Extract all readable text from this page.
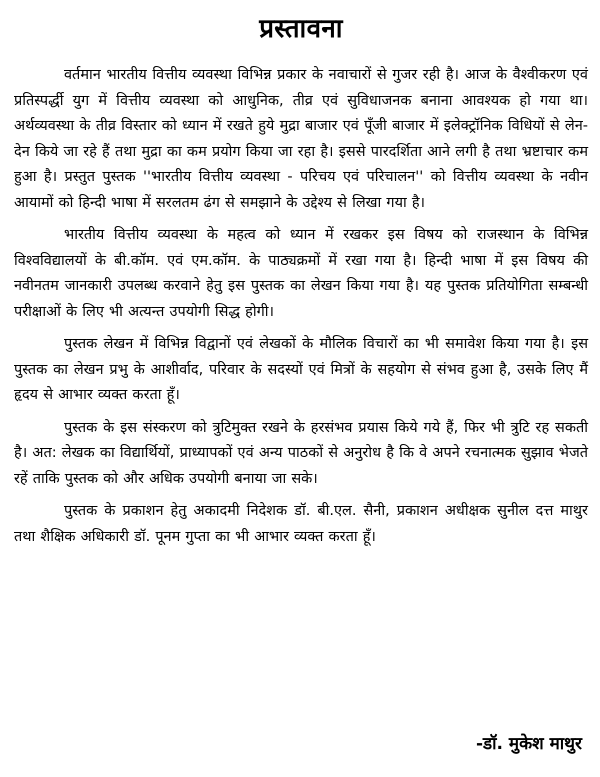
प्रस्तावना

वर्तमान भारतीय वित्तीय व्यवस्था विभिन्न प्रकार के नवाचारों से गुजर रही है। आज के वैश्वीकरण एवं प्रतिस्पर्द्धी युग में वित्तीय व्यवस्था को आधुनिक, तीव्र एवं सुविधाजनक बनाना आवश्यक हो गया था। अर्थव्यवस्था के तीव्र विस्तार को ध्यान में रखते हुये मुद्रा बाजार एवं पूँजी बाजार में इलेक्ट्रॉनिक विधियों से लेन-देन किये जा रहे हैं तथा मुद्रा का कम प्रयोग किया जा रहा है। इससे पारदर्शिता आने लगी है तथा भ्रष्टाचार कम हुआ है। प्रस्तुत पुस्तक ''भारतीय वित्तीय व्यवस्था - परिचय एवं परिचालन'' को वित्तीय व्यवस्था के नवीन आयामों को हिन्दी भाषा में सरलतम ढंग से समझाने के उद्देश्य से लिखा गया है।

भारतीय वित्तीय व्यवस्था के महत्व को ध्यान में रखकर इस विषय को राजस्थान के विभिन्न विश्वविद्यालयों के बी.कॉम. एवं एम.कॉम. के पाठ्यक्रमों में रखा गया है। हिन्दी भाषा में इस विषय की नवीनतम जानकारी उपलब्ध करवाने हेतु इस पुस्तक का लेखन किया गया है। यह पुस्तक प्रतियोगिता सम्बन्धी परीक्षाओं के लिए भी अत्यन्त उपयोगी सिद्ध होगी।

पुस्तक लेखन में विभिन्न विद्वानों एवं लेखकों के मौलिक विचारों का भी समावेश किया गया है। इस पुस्तक का लेखन प्रभु के आशीर्वाद, परिवार के सदस्यों एवं मित्रों के सहयोग से संभव हुआ है, उसके लिए मैं हृदय से आभार व्यक्त करता हूँ।

पुस्तक के इस संस्करण को त्रुटिमुक्त रखने के हरसंभव प्रयास किये गये हैं, फिर भी त्रुटि रह सकती है। अत: लेखक का विद्यार्थियों, प्राध्यापकों एवं अन्य पाठकों से अनुरोध है कि वे अपने रचनात्मक सुझाव भेजते रहें ताकि पुस्तक को और अधिक उपयोगी बनाया जा सके।

पुस्तक के प्रकाशन हेतु अकादमी निदेशक डॉ. बी.एल. सैनी, प्रकाशन अधीक्षक सुनील दत्त माथुर तथा शैक्षिक अधिकारी डॉ. पूनम गुप्ता का भी आभार व्यक्त करता हूँ।

-डॉ. मुकेश माथुर
